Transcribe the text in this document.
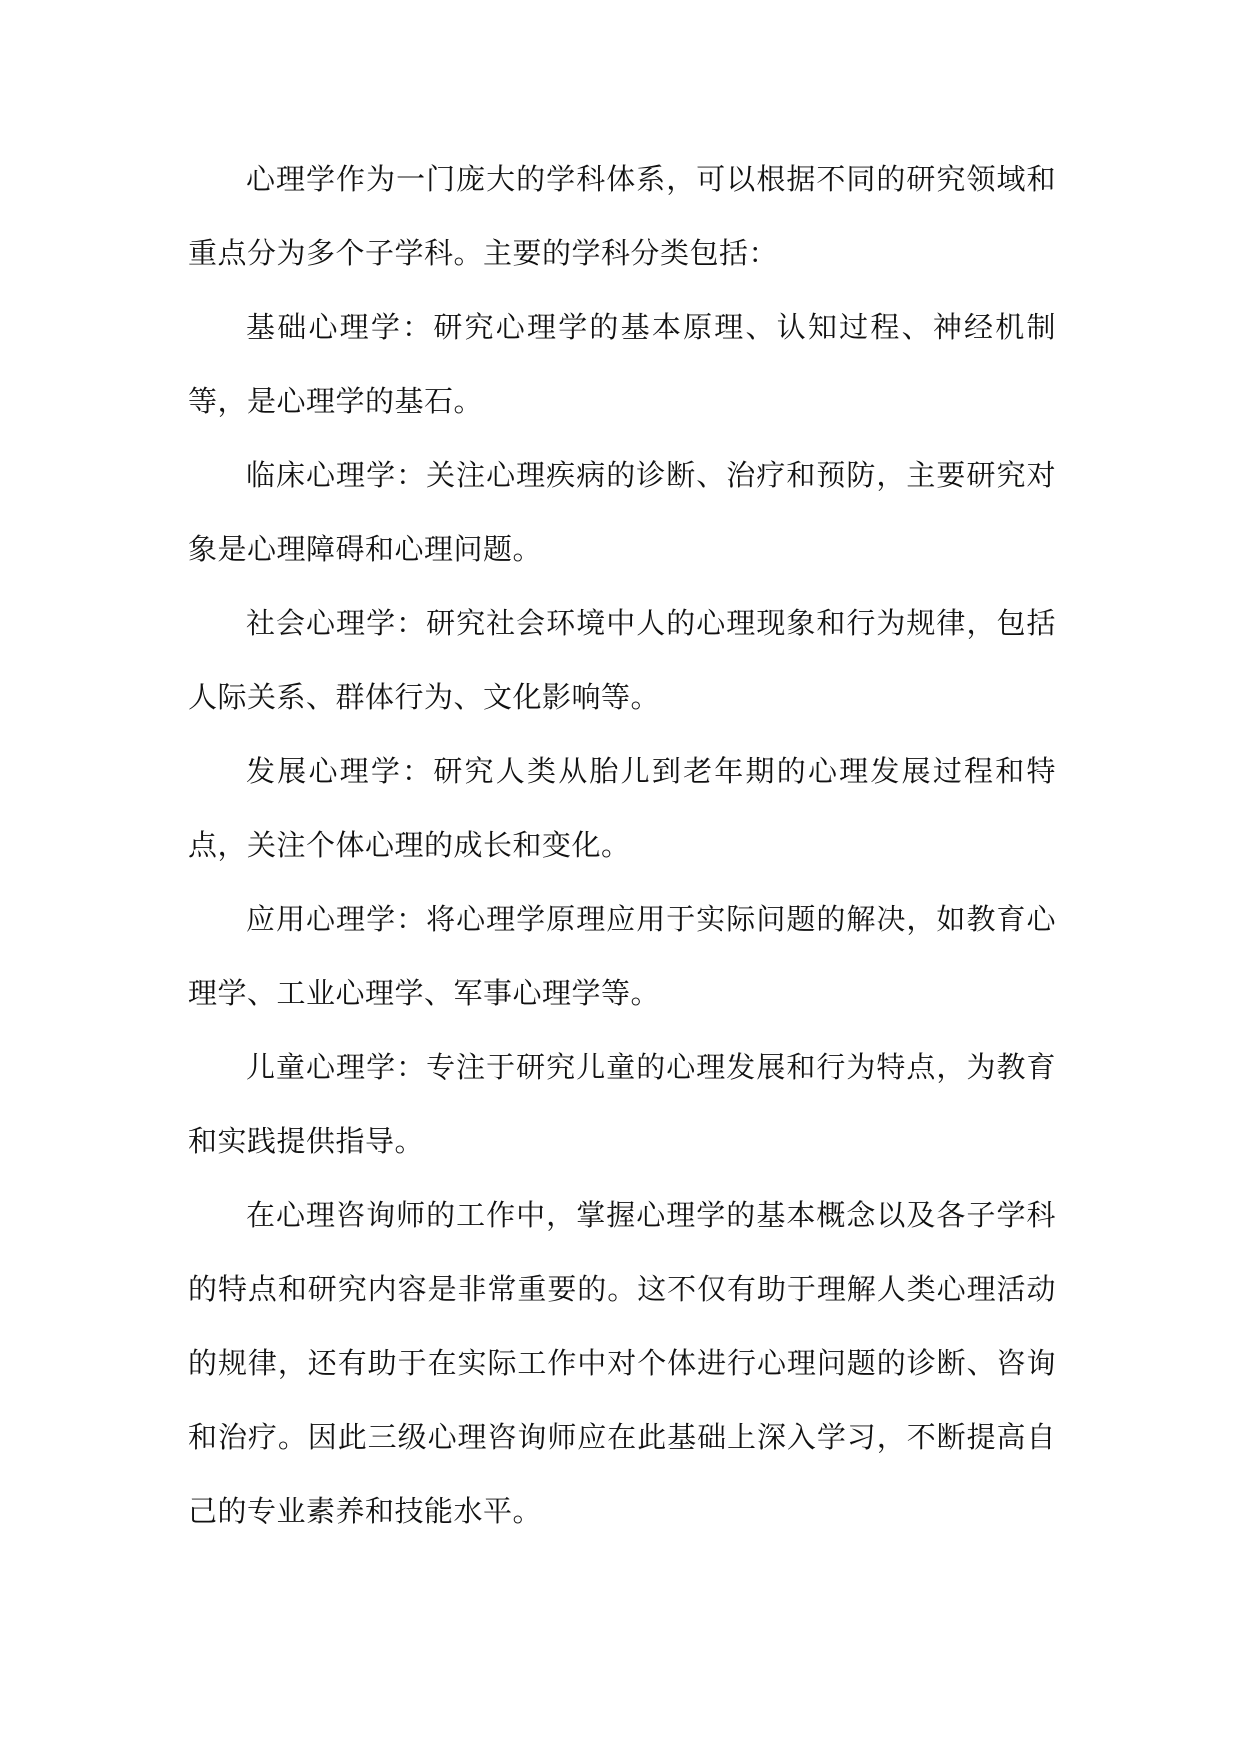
心理学作为一门庞大的学科体系，可以根据不同的研究领域和重点分为多个子学科。主要的学科分类包括：

基础心理学：研究心理学的基本原理、认知过程、神经机制等，是心理学的基石。

临床心理学：关注心理疾病的诊断、治疗和预防，主要研究对象是心理障碍和心理问题。

社会心理学：研究社会环境中人的心理现象和行为规律，包括人际关系、群体行为、文化影响等。

发展心理学：研究人类从胎儿到老年期的心理发展过程和特点，关注个体心理的成长和变化。

应用心理学：将心理学原理应用于实际问题的解决，如教育心理学、工业心理学、军事心理学等。

儿童心理学：专注于研究儿童的心理发展和行为特点，为教育和实践提供指导。

在心理咨询师的工作中，掌握心理学的基本概念以及各子学科的特点和研究内容是非常重要的。这不仅有助于理解人类心理活动的规律，还有助于在实际工作中对个体进行心理问题的诊断、咨询和治疗。因此三级心理咨询师应在此基础上深入学习，不断提高自己的专业素养和技能水平。
